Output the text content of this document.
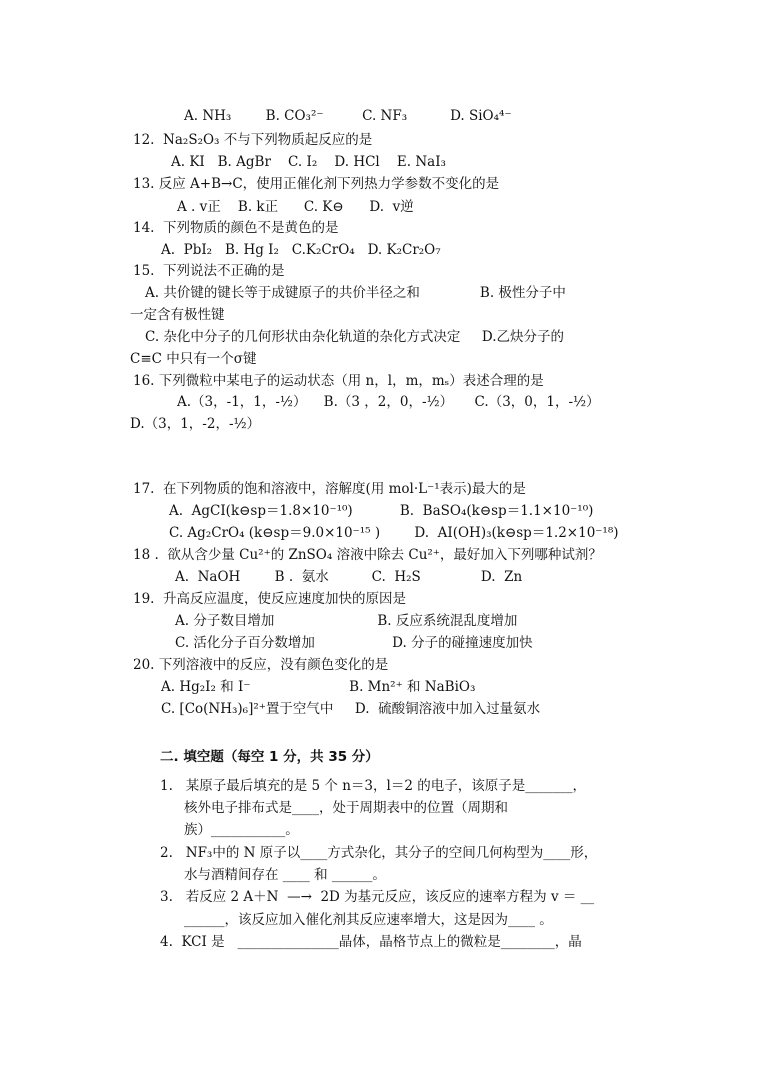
A. NH₃        B. CO₃²⁻         C. NF₃          D. SiO₄⁴⁻
12.  Na₂S₂O₃ 不与下列物质起反应的是
A. KI   B. AgBr    C. I₂    D. HCl    E. NaI₃
13. 反应 A+B→C，使用正催化剂下列热力学参数不变化的是
A . v正    B. k正      C. K⊖      D.  v逆
14.  下列物质的颜色不是黄色的是
A.  PbI₂   B. Hg I₂   C.K₂CrO₄   D. K₂Cr₂O₇
15.  下列说法不正确的是
A. 共价键的键长等于成键原子的共价半径之和              B. 极性分子中
一定含有极性键
C. 杂化中分子的几何形状由杂化轨道的杂化方式决定     D.乙炔分子的
C≡C 中只有一个σ键
16. 下列微粒中某电子的运动状态（用 n，l，m，mₛ）表述合理的是
A.（3，-1，1，-½）    B.（3 ，2，0，-½）     C.（3，0，1，-½）
D.（3，1，-2，-½）
17.  在下列物质的饱和溶液中，溶解度(用 mol·L⁻¹表示)最大的是
A.  AgCI(k⊖sp＝1.8×10⁻¹⁰)           B.  BaSO₄(k⊖sp＝1.1×10⁻¹⁰)
C. Ag₂CrO₄ (k⊖sp＝9.0×10⁻¹⁵ )        D.  AI(OH)₃(k⊖sp＝1.2×10⁻¹⁸)
18 .  欲从含少量 Cu²⁺的 ZnSO₄ 溶液中除去 Cu²⁺，最好加入下列哪种试剂？
A.  NaOH        B .  氨水          C.  H₂S              D.  Zn
19.  升高反应温度，使反应速度加快的原因是
A. 分子数目增加                        B. 反应系统混乱度增加
C. 活化分子百分数增加                  D. 分子的碰撞速度加快
20. 下列溶液中的反应，没有颜色变化的是
A. Hg₂I₂ 和 I⁻                       B. Mn²⁺ 和 NaBiO₃
C. [Co(NH₃)₆]²⁺置于空气中     D.  硫酸铜溶液中加入过量氨水
二. 填空题（每空 1 分，共 35 分）
1.   某原子最后填充的是 5 个 n＝3，l＝2 的电子，该原子是_______，
核外电子排布式是____，处于周期表中的位置（周期和
族）___________。
2.   NF₃中的 N 原子以____方式杂化，其分子的空间几何构型为____形，
水与酒精间存在 ____ 和 ______。
3.   若反应 2 A＋N  —→  2D 为基元反应，该反应的速率方程为 v ＝ __
______，该反应加入催化剂其反应速率增大，这是因为____ 。
4.  KCI 是   _______________晶体，晶格节点上的微粒是________，晶
